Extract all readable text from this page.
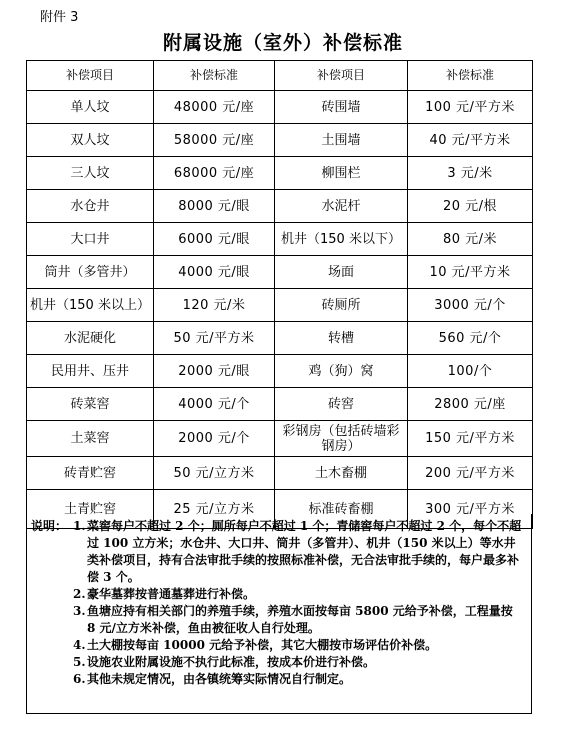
附件 3
附属设施（室外）补偿标准
补偿项目	补偿标准	补偿项目	补偿标准
单人坟	48000 元/座	砖围墙	100 元/平方米
双人坟	58000 元/座	土围墙	40 元/平方米
三人坟	68000 元/座	柳围栏	3 元/米
水仓井	8000 元/眼	水泥杆	20 元/根
大口井	6000 元/眼	机井（150 米以下）	80 元/米
筒井（多管井）	4000 元/眼	场面	10 元/平方米
机井（150 米以上）	120 元/米	砖厕所	3000 元/个
水泥硬化	50 元/平方米	转槽	560 元/个
民用井、压井	2000 元/眼	鸡（狗）窝	100/个
砖菜窖	4000 元/个	砖窖	2800 元/座
土菜窖	2000 元/个	彩钢房（包括砖墙彩钢房）	150 元/平方米
砖青贮窖	50 元/立方米	土木畜棚	200 元/平方米
土青贮窖	25 元/立方米	标准砖畜棚	300 元/平方米
说明： 1. 菜窖每户不超过 2 个；厕所每户不超过 1 个；青储窖每户不超过 2 个，每个不超过 100 立方米；水仓井、大口井、筒井（多管井）、机井（150 米以上）等水井类补偿项目，持有合法审批手续的按照标准补偿，无合法审批手续的，每户最多补偿 3 个。
2. 豪华墓葬按普通墓葬进行补偿。
3. 鱼塘应持有相关部门的养殖手续，养殖水面按每亩 5800 元给予补偿，工程量按 8 元/立方米补偿，鱼由被征收人自行处理。
4. 土大棚按每亩 10000 元给予补偿，其它大棚按市场评估价补偿。
5. 设施农业附属设施不执行此标准，按成本价进行补偿。
6. 其他未规定情况，由各镇统筹实际情况自行制定。
